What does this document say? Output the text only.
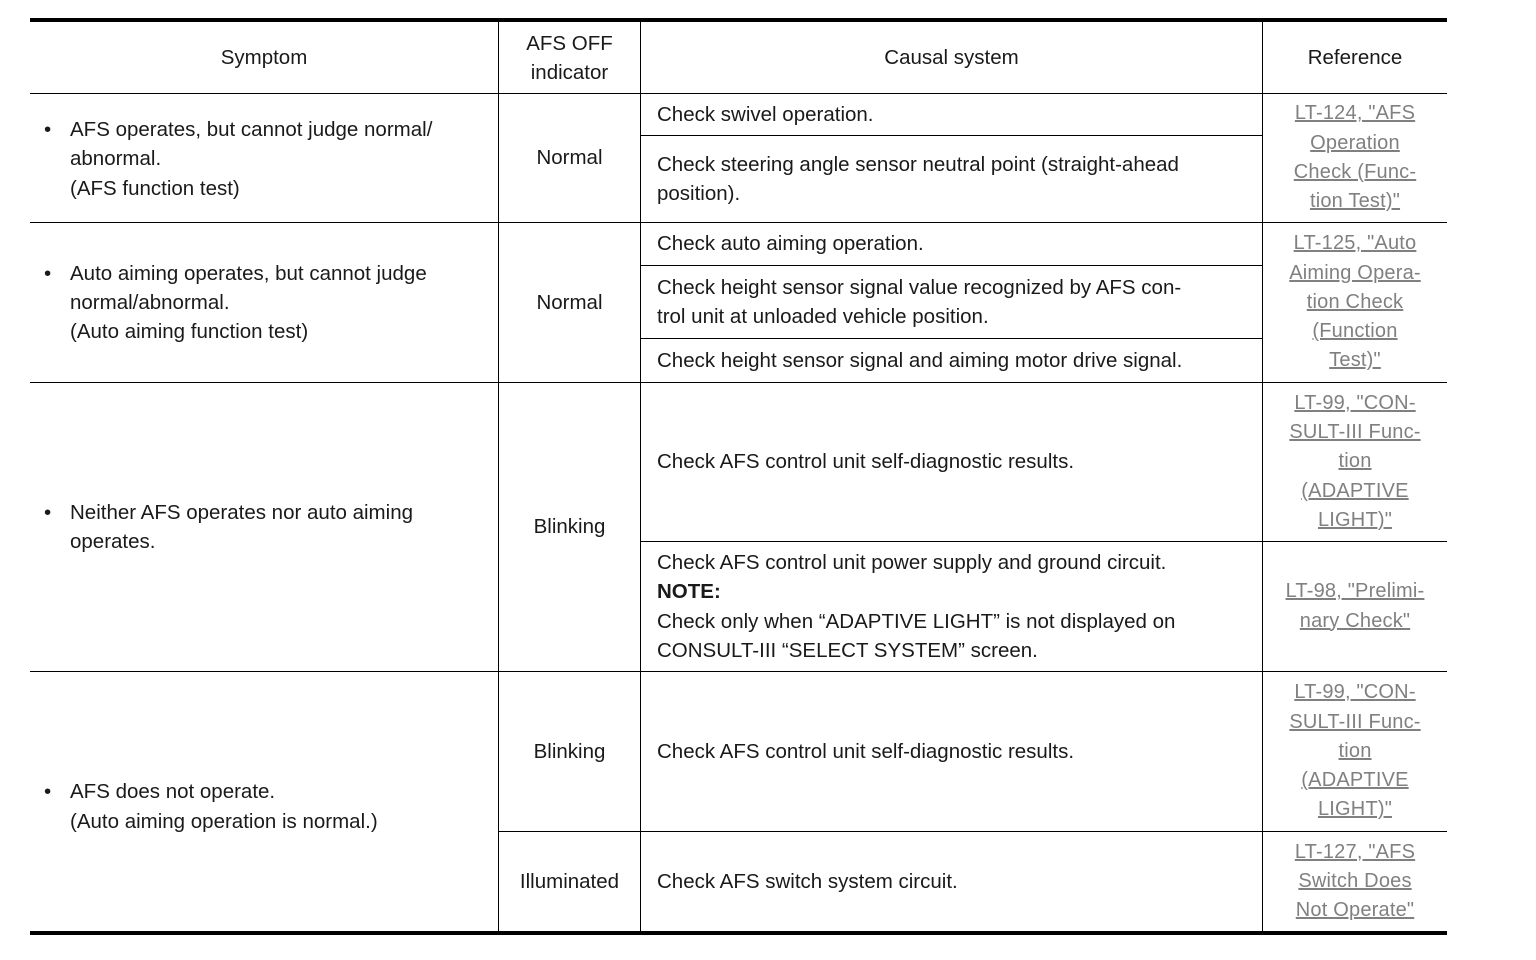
Symptom
AFS OFF
indicator
Causal system	Reference
• AFS operates, but cannot judge normal/
abnormal.
(AFS function test)
Normal
Check swivel operation.
Check steering angle sensor neutral point (straight-ahead
position).
LT-124, "AFS
Operation
Check (Func-
tion Test)"
• Auto aiming operates, but cannot judge
normal/abnormal.
(Auto aiming function test)
Normal
Check auto aiming operation.
Check height sensor signal value recognized by AFS con-
trol unit at unloaded vehicle position.
Check height sensor signal and aiming motor drive signal.
LT-125, "Auto
Aiming Opera-
tion Check
(Function
Test)"
• Neither AFS operates nor auto aiming
operates.
Blinking
Check AFS control unit self-diagnostic results.
Check AFS control unit power supply and ground circuit.
NOTE:
Check only when “ADAPTIVE LIGHT” is not displayed on
CONSULT-III “SELECT SYSTEM” screen.
LT-99, "CON-
SULT-III Func-
tion
(ADAPTIVE
LIGHT)"
LT-98, "Prelimi-
nary Check"
• AFS does not operate.
(Auto aiming operation is normal.)
Blinking	Check AFS control unit self-diagnostic results.
LT-99, "CON-
SULT-III Func-
tion
(ADAPTIVE
LIGHT)"
Illuminated Check AFS switch system circuit.
LT-127, "AFS
Switch Does
Not Operate"
